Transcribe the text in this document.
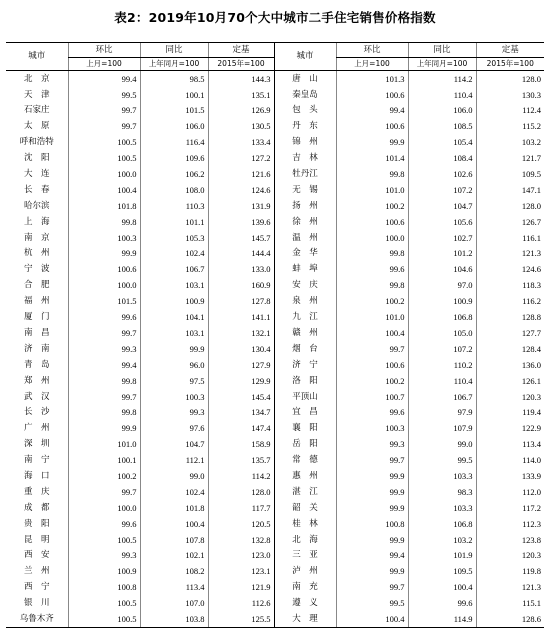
表2：2019年10月70个大中城市二手住宅销售价格指数
城市	环比	同比	定基	城市	环比	同比	定基
	上月=100	上年同月=100	2015年=100		上月=100	上年同月=100	2015年=100
北　京	99.4	98.5	144.3	唐　山	101.3	114.2	128.0
天　津	99.5	100.1	135.1	秦皇岛	100.6	110.4	130.3
石家庄	99.7	101.5	126.9	包　头	99.4	106.0	112.4
太　原	99.7	106.0	130.5	丹　东	100.6	108.5	115.2
呼和浩特	100.5	116.4	133.4	锦　州	99.9	105.4	103.2
沈　阳	100.5	109.6	127.2	吉　林	101.4	108.4	121.7
大　连	100.0	106.2	121.6	牡丹江	99.8	102.6	109.5
长　春	100.4	108.0	124.6	无　锡	101.0	107.2	147.1
哈尔滨	101.8	110.3	131.9	扬　州	100.2	104.7	128.0
上　海	99.8	101.1	139.6	徐　州	100.6	105.6	126.7
南　京	100.3	105.3	145.7	温　州	100.0	102.7	116.1
杭　州	99.9	102.4	144.4	金　华	99.8	101.2	121.3
宁　波	100.6	106.7	133.0	蚌　埠	99.6	104.6	124.6
合　肥	100.0	103.1	160.9	安　庆	99.8	97.0	118.3
福　州	101.5	100.9	127.8	泉　州	100.2	100.9	116.2
厦　门	99.6	104.1	141.1	九　江	101.0	106.8	128.8
南　昌	99.7	103.1	132.1	赣　州	100.4	105.0	127.7
济　南	99.3	99.9	130.4	烟　台	99.7	107.2	128.4
青　岛	99.4	96.0	127.9	济　宁	100.6	110.2	136.0
郑　州	99.8	97.5	129.9	洛　阳	100.2	110.4	126.1
武　汉	99.7	100.3	145.4	平顶山	100.7	106.7	120.3
长　沙	99.8	99.3	134.7	宜　昌	99.6	97.9	119.4
广　州	99.9	97.6	147.4	襄　阳	100.3	107.9	122.9
深　圳	101.0	104.7	158.9	岳　阳	99.3	99.0	113.4
南　宁	100.1	112.1	135.7	常　德	99.7	99.5	114.0
海　口	100.2	99.0	114.2	惠　州	99.9	103.3	133.9
重　庆	99.7	102.4	128.0	湛　江	99.9	98.3	112.0
成　都	100.0	101.8	117.7	韶　关	99.9	103.3	117.2
贵　阳	99.6	100.4	120.5	桂　林	100.8	106.8	112.3
昆　明	100.5	107.8	132.8	北　海	99.9	103.2	123.8
西　安	99.3	102.1	123.0	三　亚	99.4	101.9	120.3
兰　州	100.9	108.2	123.1	泸　州	99.9	109.5	119.8
西　宁	100.8	113.4	121.9	南　充	99.7	100.4	121.3
银　川	100.5	107.0	112.6	遵　义	99.5	99.6	115.1
乌鲁木齐	100.5	103.8	125.5	大　理	100.4	114.9	128.6
